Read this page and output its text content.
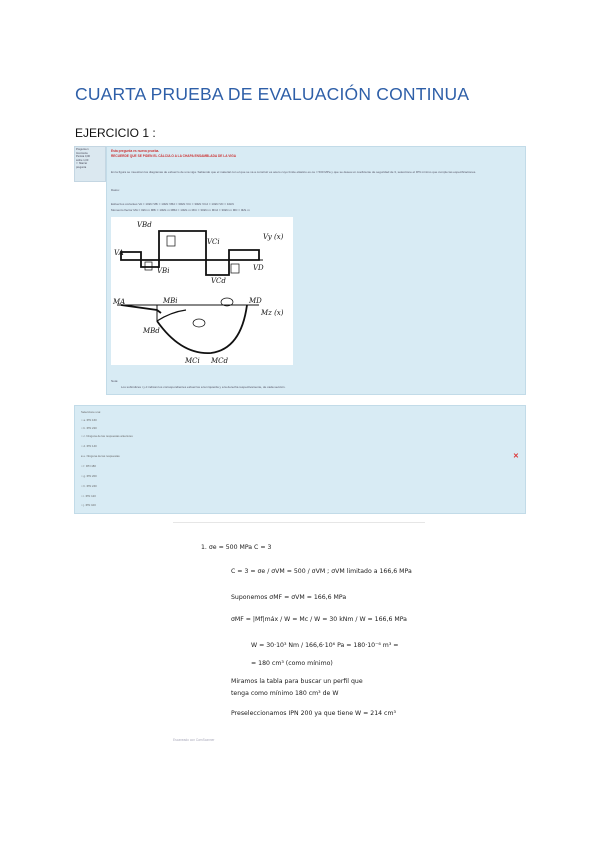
CUARTA PRUEBA DE EVALUACIÓN CONTINUA
EJERCICIO 1 :
Pregunta 1
Incorrecta
Puntúa 0,00
sobre 1,00
⚐ Marcar
pregunta
Esta pregunta es nueva prueba.
RECUERDE QUE SE PIDEN EL CÁLCULO A LA CHAPA ENSAMBLADA DE LA VIGA
En la figura se muestran los diagramas de esfuerzo de una viga. Sabiendo que el material con el que se va a construir es acero cuyo límite elástico es σe = 500 MPa y que se desea un coeficiente de seguridad de 3, seleccione el IPN mínimo que cumple las especificaciones.
Datos:
Esfuerzos cortantes VA = 10kN VBi = 10kN VBd = 30kN VCi = 30kN VCd = 10kN VD = 10kN
Momento flector MA = 0kN·m MBi = 10kN·m MBd = 10kN·m MCi = 30kN·m MCd = 30kN·m MD = 0kN·m
VBd
VCi
VA
VBi
VCd
VD
Vy (x)
MA	MBi
MBd
MCi MCd
MD
Mz (x)
Nota:
Los subíndices i y d indican los correspondientes esfuerzos a la izquierda y a la derecha respectivamente, de cada sección.
Seleccione una:
○ a. IPN 160
○ b. IPN 220
○ c. Ninguna de las respuestas anteriores
○ d. IPN 140
● e. Ninguna de las respuestas
○ f. IPN 180
○ g. IPN 200
○ h. IPN 240
○ i. IPN 120
○ j. IPN 100
✕
1. σe = 500 MPa C = 3
C = 3 = σe / σVM = 500 / σVM ; σVM limitado a 166,6 MPa
Suponemos σMF = σVM = 166,6 MPa
σMF = |Mf|máx / W = Mc / W = 30 kNm / W = 166,6 MPa
W = 30·10³ Nm / 166,6·10⁶ Pa = 180·10⁻⁶ m³ =
= 180 cm³ (como mínimo)
Miramos la tabla para buscar un perfil que
tenga como mínimo 180 cm³ de W
Preseleccionamos IPN 200 ya que tiene W = 214 cm³
Escaneado con CamScanner
